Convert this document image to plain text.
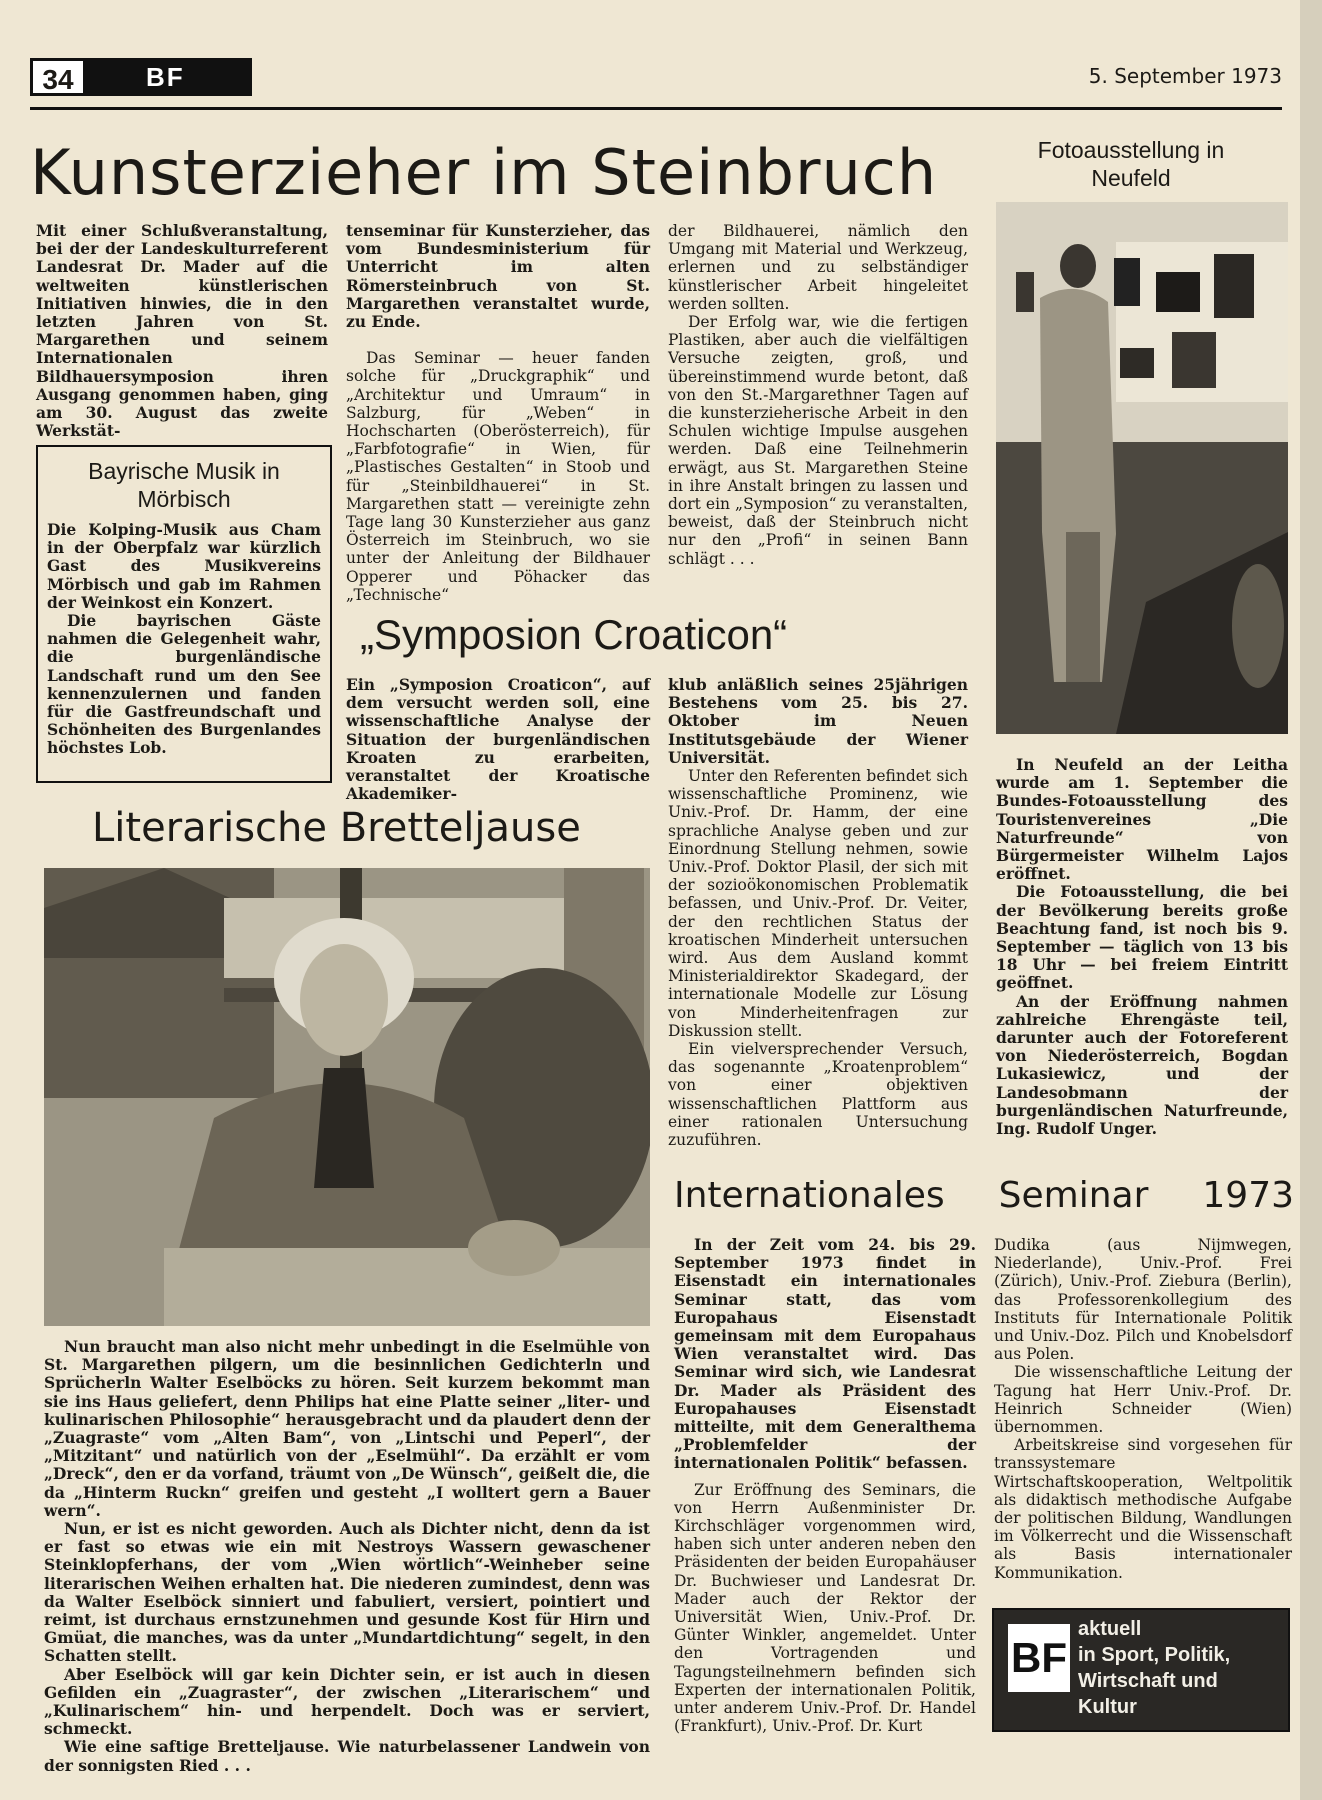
34	BF	5. September 1973
Kunsterzieher im Steinbruch

Mit einer Schlußveranstaltung, bei der der Landeskulturreferent Landesrat Dr. Mader auf die weltweiten künstlerischen Initiativen hinwies, die in den letzten Jahren von St. Margarethen und seinem Internationalen Bildhauersymposion ihren Ausgang genommen haben, ging am 30. August das zweite Werkstät-

tenseminar für Kunsterzieher, das vom Bundesministerium für Unterricht im alten Römersteinbruch von St. Margarethen veranstaltet wurde, zu Ende.

Das Seminar — heuer fanden solche für „Druckgraphik“ und „Architektur und Umraum“ in Salzburg, für „Weben“ in Hochscharten (Oberösterreich), für „Farbfotografie“ in Wien, für „Plastisches Gestalten“ in Stoob und für „Steinbildhauerei“ in St. Margarethen statt — vereinigte zehn Tage lang 30 Kunsterzieher aus ganz Österreich im Steinbruch, wo sie unter der Anleitung der Bildhauer Opperer und Pöhacker das „Technische“

der Bildhauerei, nämlich den Umgang mit Material und Werkzeug, erlernen und zu selbständiger künstlerischer Arbeit hingeleitet werden sollten.

Der Erfolg war, wie die fertigen Plastiken, aber auch die vielfältigen Versuche zeigten, groß, und übereinstimmend wurde betont, daß von den St.-Margarethner Tagen auf die kunsterzieherische Arbeit in den Schulen wichtige Impulse ausgehen werden. Daß eine Teilnehmerin erwägt, aus St. Margarethen Steine in ihre Anstalt bringen zu lassen und dort ein „Symposion“ zu veranstalten, beweist, daß der Steinbruch nicht nur den „Profi“ in seinen Bann schlägt . . .

Bayrische Musik in Mörbisch

Die Kolping-Musik aus Cham in der Oberpfalz war kürzlich Gast des Musikvereins Mörbisch und gab im Rahmen der Weinkost ein Konzert.

Die bayrischen Gäste nahmen die Gelegenheit wahr, die burgenländische Landschaft rund um den See kennenzulernen und fanden für die Gastfreundschaft und Schönheiten des Burgenlandes höchstes Lob.

„Symposion Croaticon“

Ein „Symposion Croaticon“, auf dem versucht werden soll, eine wissenschaftliche Analyse der Situation der burgenländischen Kroaten zu erarbeiten, veranstaltet der Kroatische Akademiker-

klub anläßlich seines 25jährigen Bestehens vom 25. bis 27. Oktober im Neuen Institutsgebäude der Wiener Universität.

Unter den Referenten befindet sich wissenschaftliche Prominenz, wie Univ.-Prof. Dr. Hamm, der eine sprachliche Analyse geben und zur Einordnung Stellung nehmen, sowie Univ.-Prof. Doktor Plasil, der sich mit der sozioökonomischen Problematik befassen, und Univ.-Prof. Dr. Veiter, der den rechtlichen Status der kroatischen Minderheit untersuchen wird. Aus dem Ausland kommt Ministerialdirektor Skadegard, der internationale Modelle zur Lösung von Minderheitenfragen zur Diskussion stellt.

Ein vielversprechender Versuch, das sogenannte „Kroatenproblem“ von einer objektiven wissenschaftlichen Plattform aus einer rationalen Untersuchung zuzuführen.

Fotoausstellung in Neufeld

In Neufeld an der Leitha wurde am 1. September die Bundes-Fotoausstellung des Touristenvereines „Die Naturfreunde“ von Bürgermeister Wilhelm Lajos eröffnet.

Die Fotoausstellung, die bei der Bevölkerung bereits große Beachtung fand, ist noch bis 9. September — täglich von 13 bis 18 Uhr — bei freiem Eintritt geöffnet.

An der Eröffnung nahmen zahlreiche Ehrengäste teil, darunter auch der Fotoreferent von Niederösterreich, Bogdan Lukasiewicz, und der Landesobmann der burgenländischen Naturfreunde, Ing. Rudolf Unger.

Literarische Bretteljause

Nun braucht man also nicht mehr unbedingt in die Eselmühle von St. Margarethen pilgern, um die besinnlichen Gedichterln und Sprücherln Walter Eselböcks zu hören. Seit kurzem bekommt man sie ins Haus geliefert, denn Philips hat eine Platte seiner „liter- und kulinarischen Philosophie“ herausgebracht und da plaudert denn der „Zuagraste“ vom „Alten Bam“, von „Lintschi und Peperl“, der „Mitzitant“ und natürlich von der „Eselmühl“. Da erzählt er vom „Dreck“, den er da vorfand, träumt von „De Wünsch“, geißelt die, die da „Hinterm Ruckn“ greifen und gesteht „I wolltert gern a Bauer wern“.

Nun, er ist es nicht geworden. Auch als Dichter nicht, denn da ist er fast so etwas wie ein mit Nestroys Wassern gewaschener Steinklopferhans, der vom „Wien wörtlich“-Weinheber seine literarischen Weihen erhalten hat. Die niederen zumindest, denn was da Walter Eselböck sinniert und fabuliert, versiert, pointiert und reimt, ist durchaus ernstzunehmen und gesunde Kost für Hirn und Gmüat, die manches, was da unter „Mundartdichtung“ segelt, in den Schatten stellt.

Aber Eselböck will gar kein Dichter sein, er ist auch in diesen Gefilden ein „Zuagraster“, der zwischen „Literarischem“ und „Kulinarischem“ hin- und herpendelt. Doch was er serviert, schmeckt.

Wie eine saftige Bretteljause. Wie naturbelassener Landwein von der sonnigsten Ried . . .

Internationales Seminar 1973

In der Zeit vom 24. bis 29. September 1973 findet in Eisenstadt ein internationales Seminar statt, das vom Europahaus Eisenstadt gemeinsam mit dem Europahaus Wien veranstaltet wird. Das Seminar wird sich, wie Landesrat Dr. Mader als Präsident des Europahauses Eisenstadt mitteilte, mit dem Generalthema „Problemfelder der internationalen Politik“ befassen.

Zur Eröffnung des Seminars, die von Herrn Außenminister Dr. Kirchschläger vorgenommen wird, haben sich unter anderen neben den Präsidenten der beiden Europahäuser Dr. Buchwieser und Landesrat Dr. Mader auch der Rektor der Universität Wien, Univ.-Prof. Dr. Günter Winkler, angemeldet. Unter den Vortragenden und Tagungsteilnehmern befinden sich Experten der internationalen Politik, unter anderem Univ.-Prof. Dr. Handel (Frankfurt), Univ.-Prof. Dr. Kurt

Dudika (aus Nijmwegen, Niederlande), Univ.-Prof. Frei (Zürich), Univ.-Prof. Ziebura (Berlin), das Professorenkollegium des Instituts für Internationale Politik und Univ.-Doz. Pilch und Knobelsdorf aus Polen.

Die wissenschaftliche Leitung der Tagung hat Herr Univ.-Prof. Dr. Heinrich Schneider (Wien) übernommen.

Arbeitskreise sind vorgesehen für transsystemare Wirtschaftskooperation, Weltpolitik als didaktisch methodische Aufgabe der politischen Bildung, Wandlungen im Völkerrecht und die Wissenschaft als Basis internationaler Kommunikation.

BF
aktuell
in Sport, Politik,
Wirtschaft und
Kultur
